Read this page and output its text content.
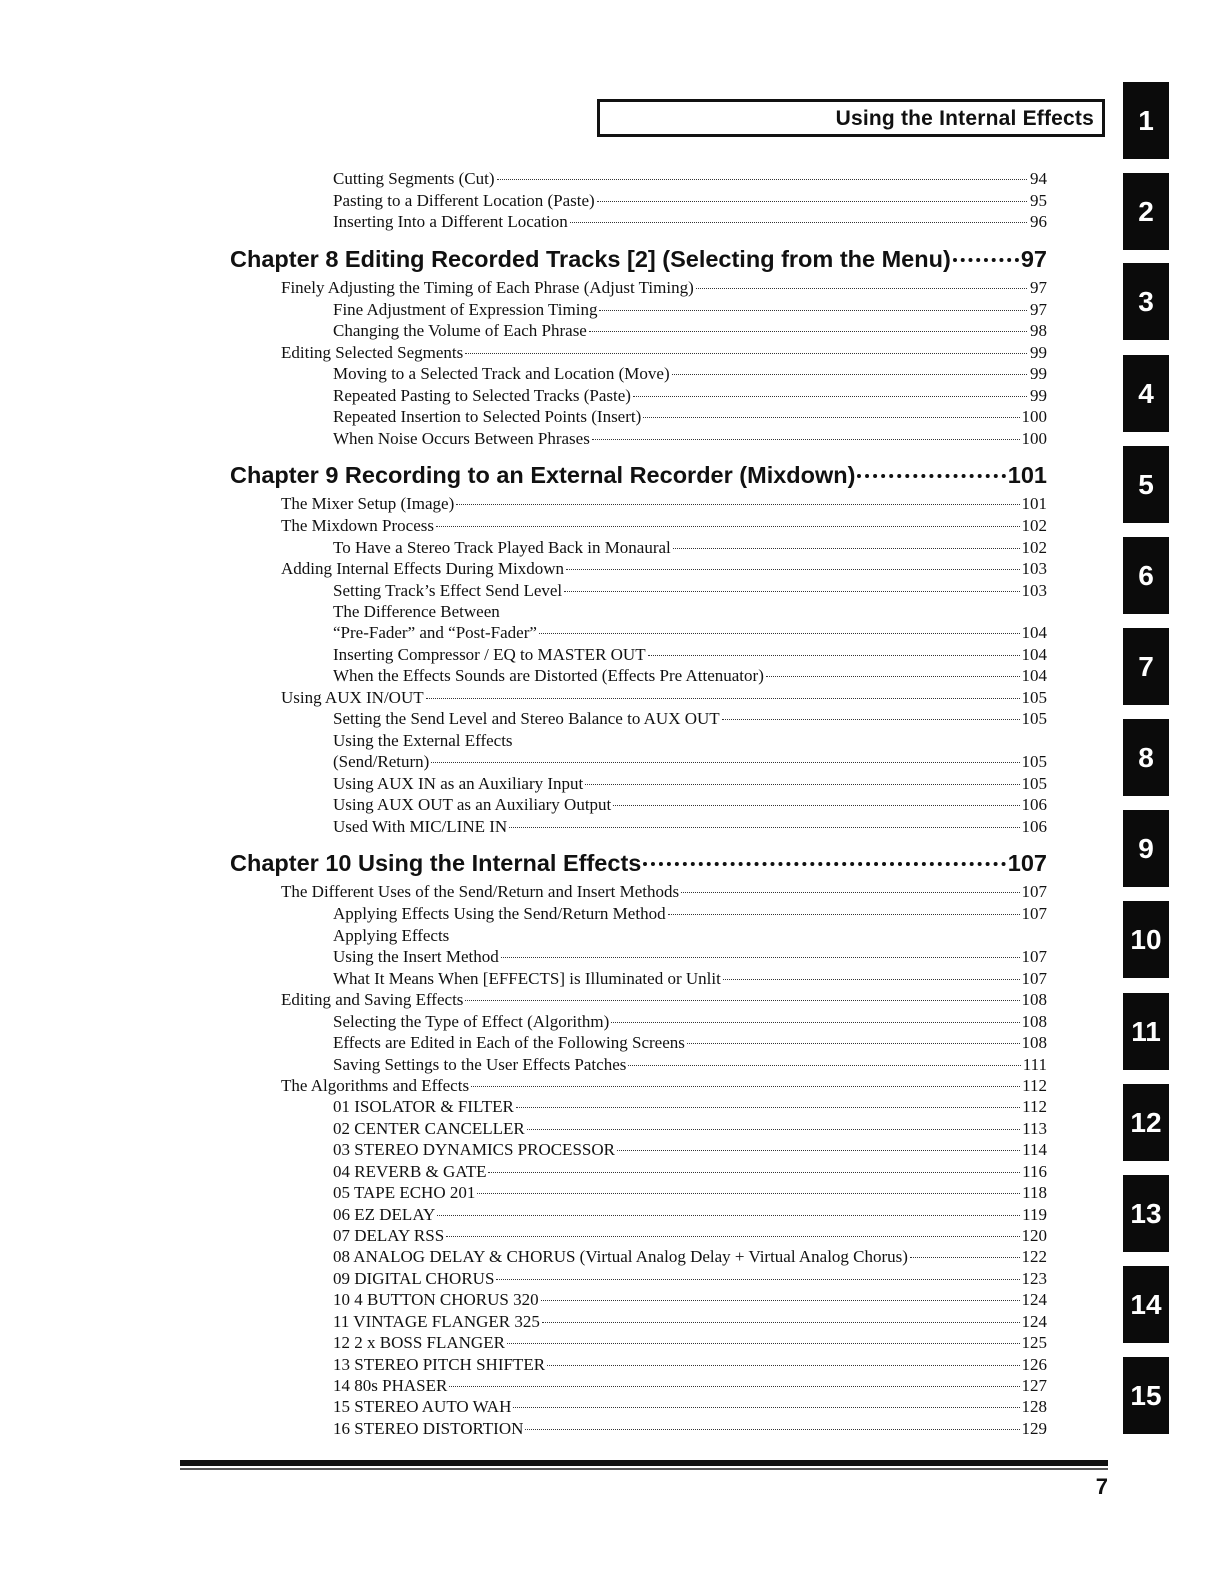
Using the Internal Effects	1
2
3
4
5
6
7
8
9
10
11
12
13
14
15
Cutting Segments (Cut)	94
Pasting to a Different Location (Paste)	95
Inserting Into a Different Location	96
Chapter 8 Editing Recorded Tracks [2] (Selecting from the Menu)	97
Finely Adjusting the Timing of Each Phrase (Adjust Timing)	97
Fine Adjustment of Expression Timing	97
Changing the Volume of Each Phrase	98
Editing Selected Segments	99
Moving to a Selected Track and Location (Move)	99
Repeated Pasting to Selected Tracks (Paste)	99
Repeated Insertion to Selected Points (Insert)	100
When Noise Occurs Between Phrases	100
Chapter 9 Recording to an External Recorder (Mixdown)	101
The Mixer Setup (Image)	101
The Mixdown Process	102
To Have a Stereo Track Played Back in Monaural	102
Adding Internal Effects During Mixdown	103
Setting Track’s Effect Send Level	103
The Difference Between
“Pre-Fader” and “Post-Fader”	104
Inserting Compressor / EQ to MASTER OUT	104
When the Effects Sounds are Distorted (Effects Pre Attenuator)	104
Using AUX IN/OUT	105
Setting the Send Level and Stereo Balance to AUX OUT	105
Using the External Effects
(Send/Return)	105
Using AUX IN as an Auxiliary Input	105
Using AUX OUT as an Auxiliary Output	106
Used With MIC/LINE IN	106
Chapter 10 Using the Internal Effects	107
The Different Uses of the Send/Return and Insert Methods	107
Applying Effects Using the Send/Return Method	107
Applying Effects
Using the Insert Method	107
What It Means When [EFFECTS] is Illuminated or Unlit	107
Editing and Saving Effects	108
Selecting the Type of Effect (Algorithm)	108
Effects are Edited in Each of the Following Screens	108
Saving Settings to the User Effects Patches	111
The Algorithms and Effects	112
01 ISOLATOR & FILTER	112
02 CENTER CANCELLER	113
03 STEREO DYNAMICS PROCESSOR	114
04 REVERB & GATE	116
05 TAPE ECHO 201	118
06 EZ DELAY	119
07 DELAY RSS	120
08 ANALOG DELAY & CHORUS (Virtual Analog Delay + Virtual Analog Chorus)	122
09 DIGITAL CHORUS	123
10 4 BUTTON CHORUS 320	124
11 VINTAGE FLANGER 325	124
12 2 x BOSS FLANGER	125
13 STEREO PITCH SHIFTER	126
14 80s PHASER	127
15 STEREO AUTO WAH	128
16 STEREO DISTORTION	129
7
